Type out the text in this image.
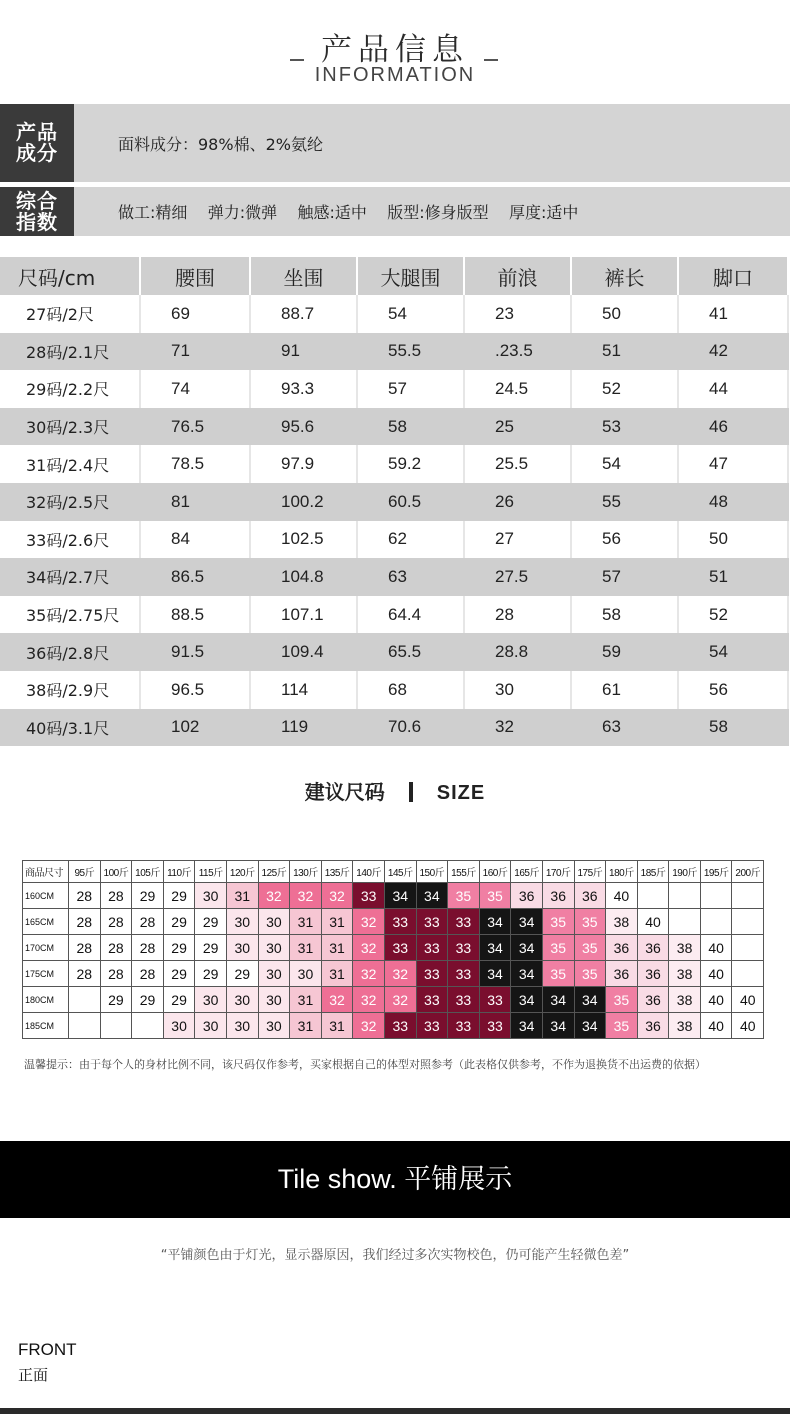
产品信息
INFORMATION
产品
成分	面料成分：98%棉、2%氨纶
综合
指数	做工:精细    弹力:微弹    触感:适中    版型:修身版型    厚度:适中
尺码/cm	腰围	坐围	大腿围	前浪	裤长	脚口
27码/2尺	69	88.7	54	23	50	41
28码/2.1尺	71	91	55.5	.23.5	51	42
29码/2.2尺	74	93.3	57	24.5	52	44
30码/2.3尺	76.5	95.6	58	25	53	46
31码/2.4尺	78.5	97.9	59.2	25.5	54	47
32码/2.5尺	81	100.2	60.5	26	55	48
33码/2.6尺	84	102.5	62	27	56	50
34码/2.7尺	86.5	104.8	63	27.5	57	51
35码/2.75尺	88.5	107.1	64.4	28	58	52
36码/2.8尺	91.5	109.4	65.5	28.8	59	54
38码/2.9尺	96.5	114	68	30	61	56
40码/3.1尺	102	119	70.6	32	63	58
建议尺码	SIZE
商品尺寸	95斤	100斤	105斤	110斤	115斤	120斤	125斤	130斤	135斤	140斤	145斤	150斤	155斤	160斤	165斤	170斤	175斤	180斤	185斤	190斤	195斤	200斤
160CM	28	28	29	29	30	31	32	32	32	33	34	34	35	35	36	36	36	40				
165CM	28	28	28	29	29	30	30	31	31	32	33	33	33	34	34	35	35	38	40			
170CM	28	28	28	29	29	30	30	31	31	32	33	33	33	34	34	35	35	36	36	38	40	
175CM	28	28	28	29	29	29	30	30	31	32	32	33	33	34	34	35	35	36	36	38	40	
180CM		29	29	29	30	30	30	31	32	32	32	33	33	33	34	34	34	35	36	38	40	40
185CM				30	30	30	30	31	31	32	33	33	33	33	34	34	34	35	36	38	40	40
温馨提示：由于每个人的身材比例不同，该尺码仅作参考，买家根据自己的体型对照参考（此表格仅供参考，不作为退换货不出运费的依据）
Tile show. 平铺展示
“平铺颜色由于灯光，显示器原因，我们经过多次实物校色，仍可能产生轻微色差”
FRONT
正面
